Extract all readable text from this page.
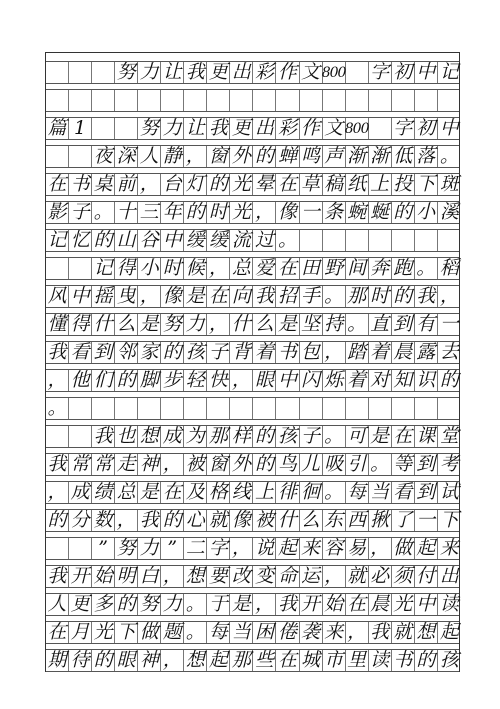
努 力 让 我 更 出 彩 作 文 800 字 初 中 记
篇 1	努 力 让 我 更 出 彩 作 文 800 字 初 中
夜 深 人 静 ， 窗 外 的 蝉 鸣 声 渐 渐 低 落 。
在 书 桌 前 ， 台 灯 的 光 晕 在 草 稿 纸 上 投 下 斑
影 子 。 十 三 年 的 时 光 ， 像 一 条 蜿 蜒 的 小 溪
记 忆 的 山 谷 中 缓 缓 流 过 。
记 得 小 时 候 ， 总 爱 在 田 野 间 奔 跑 。 稻
风 中 摇 曳 ， 像 是 在 向 我 招 手 。 那 时 的 我 ，
懂 得 什 么 是 努 力 ， 什 么 是 坚 持 。 直 到 有 一
我 看 到 邻 家 的 孩 子 背 着 书 包 ， 踏 着 晨 露 去
， 他 们 的 脚 步 轻 快 ， 眼 中 闪 烁 着 对 知 识 的
。
我 也 想 成 为 那 样 的 孩 子 。 可 是 在 课 堂
我 常 常 走 神 ， 被 窗 外 的 鸟 儿 吸 引 。 等 到 考
， 成 绩 总 是 在 及 格 线 上 徘 徊 。 每 当 看 到 试
的 分 数 ， 我 的 心 就 像 被 什 么 东 西 揪 了 一 下
” 努 力 ” 二 字 ， 说 起 来 容 易 ， 做 起 来
我 开 始 明 白 ， 想 要 改 变 命 运 ， 就 必 须 付 出
人 更 多 的 努 力 。 于 是 ， 我 开 始 在 晨 光 中 读
在 月 光 下 做 题 。 每 当 困 倦 袭 来 ， 我 就 想 起
期 待 的 眼 神 ， 想 起 那 些 在 城 市 里 读 书 的 孩
